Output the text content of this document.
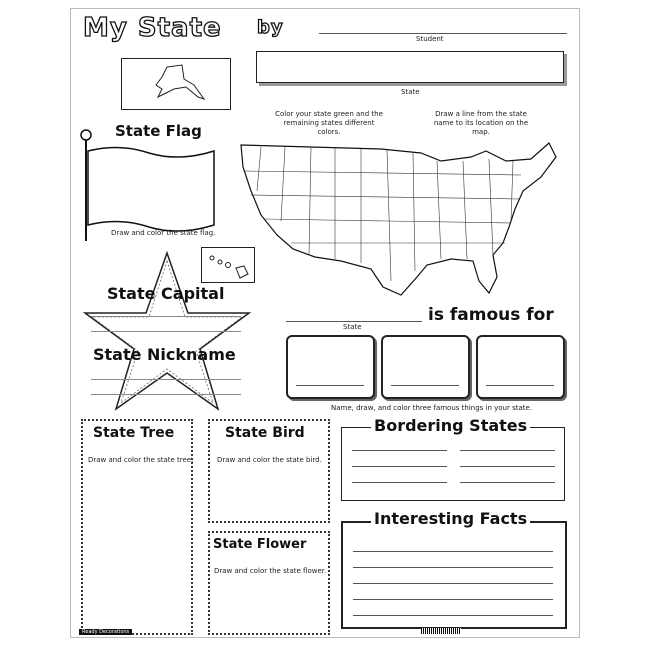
My State by
Student
State
State Flag
Draw and color the state flag.
Color your state green and the remaining states different colors.
Draw a line from the state name to its location on the map.
State Capital
State Nickname
State
is famous for
Name, draw, and color three famous things in your state.
State Tree
Draw and color the state tree.
State Bird
Draw and color the state bird.
State Flower
Draw and color the state flower.
Bordering States
Interesting Facts
Ready Decorations
